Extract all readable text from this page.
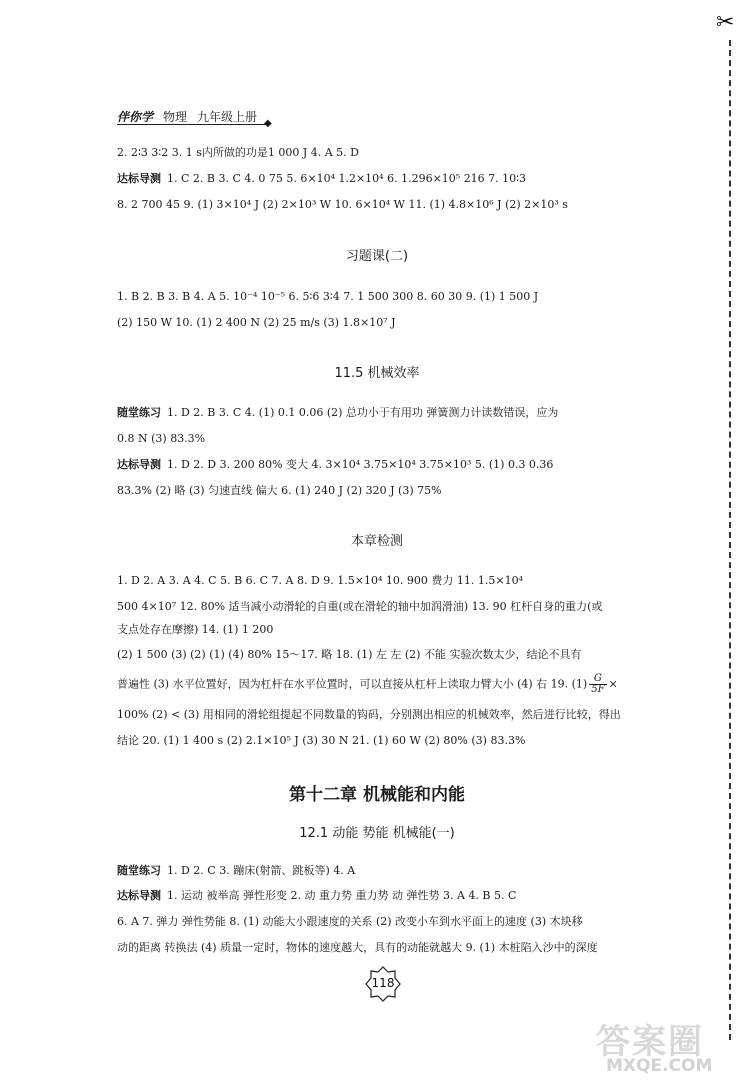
✂
伴你学 物理 九年级上册 ◆
2. 2∶3 3∶2 3. 1 s内所做的功是1 000 J 4. A 5. D
达标导测 1. C 2. B 3. C 4. 0 75 5. 6×10⁴ 1.2×10⁴ 6. 1.296×10⁵ 216 7. 10∶3
8. 2 700 45 9. (1) 3×10⁴ J (2) 2×10³ W 10. 6×10⁴ W 11. (1) 4.8×10⁶ J (2) 2×10³ s
习题课(二)
1. B 2. B 3. B 4. A 5. 10⁻⁴ 10⁻⁵ 6. 5∶6 3∶4 7. 1 500 300 8. 60 30 9. (1) 1 500 J
(2) 150 W 10. (1) 2 400 N (2) 25 m/s (3) 1.8×10⁷ J
11.5 机械效率
随堂练习 1. D 2. B 3. C 4. (1) 0.1 0.06 (2) 总功小于有用功 弹簧测力计读数错误，应为
0.8 N (3) 83.3%
达标导测 1. D 2. D 3. 200 80% 变大 4. 3×10⁴ 3.75×10⁴ 3.75×10³ 5. (1) 0.3 0.36
83.3% (2) 略 (3) 匀速直线 偏大 6. (1) 240 J (2) 320 J (3) 75%
本章检测
1. D 2. A 3. A 4. C 5. B 6. C 7. A 8. D 9. 1.5×10⁴ 10. 900 费力 11. 1.5×10⁴
500 4×10⁷ 12. 80% 适当减小动滑轮的自重(或在滑轮的轴中加润滑油) 13. 90 杠杆自身的重力(或
支点处存在摩擦) 14. (1) 1 200
(2) 1 500 (3) (2) (1) (4) 80% 15～17. 略 18. (1) 左 左 (2) 不能 实验次数太少，结论不具有
普遍性 (3) 水平位置好，因为杠杆在水平位置时，可以直接从杠杆上读取力臂大小 (4) 右 19. $(1) \frac{G}{5F}$ ×
100% (2) < (3) 用相同的滑轮组提起不同数量的钩码，分别测出相应的机械效率，然后进行比较，得出
结论 20. (1) 1 400 s (2) 2.1×10⁵ J (3) 30 N 21. (1) 60 W (2) 80% (3) 83.3%
第十二章 机械能和内能
12.1 动能 势能 机械能(一)
随堂练习 1. D 2. C 3. 蹦床(射箭、跳板等) 4. A
达标导测 1. 运动 被举高 弹性形变 2. 动 重力势 重力势 动 弹性势 3. A 4. B 5. C
6. A 7. 弹力 弹性势能 8. (1) 动能大小跟速度的关系 (2) 改变小车到水平面上的速度 (3) 木块移
动的距离 转换法 (4) 质量一定时，物体的速度越大，具有的动能就越大 9. (1) 木桩陷入沙中的深度
118
答案圈
MXQE.COM
